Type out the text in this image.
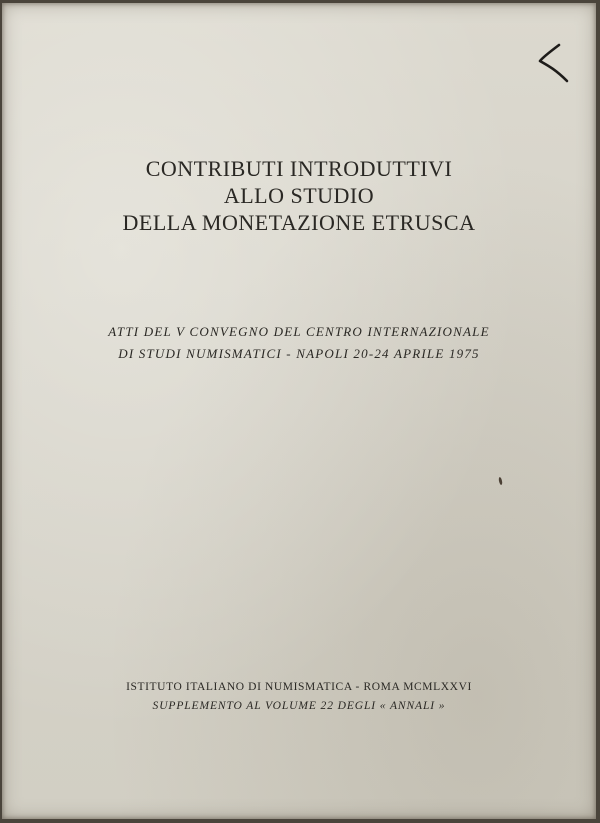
CONTRIBUTI INTRODUTTIVI
ALLO STUDIO
DELLA MONETAZIONE ETRUSCA
ATTI DEL V CONVEGNO DEL CENTRO INTERNAZIONALE
DI STUDI NUMISMATICI - NAPOLI 20-24 APRILE 1975
ISTITUTO ITALIANO DI NUMISMATICA - ROMA MCMLXXVI
SUPPLEMENTO AL VOLUME 22 DEGLI « ANNALI »
